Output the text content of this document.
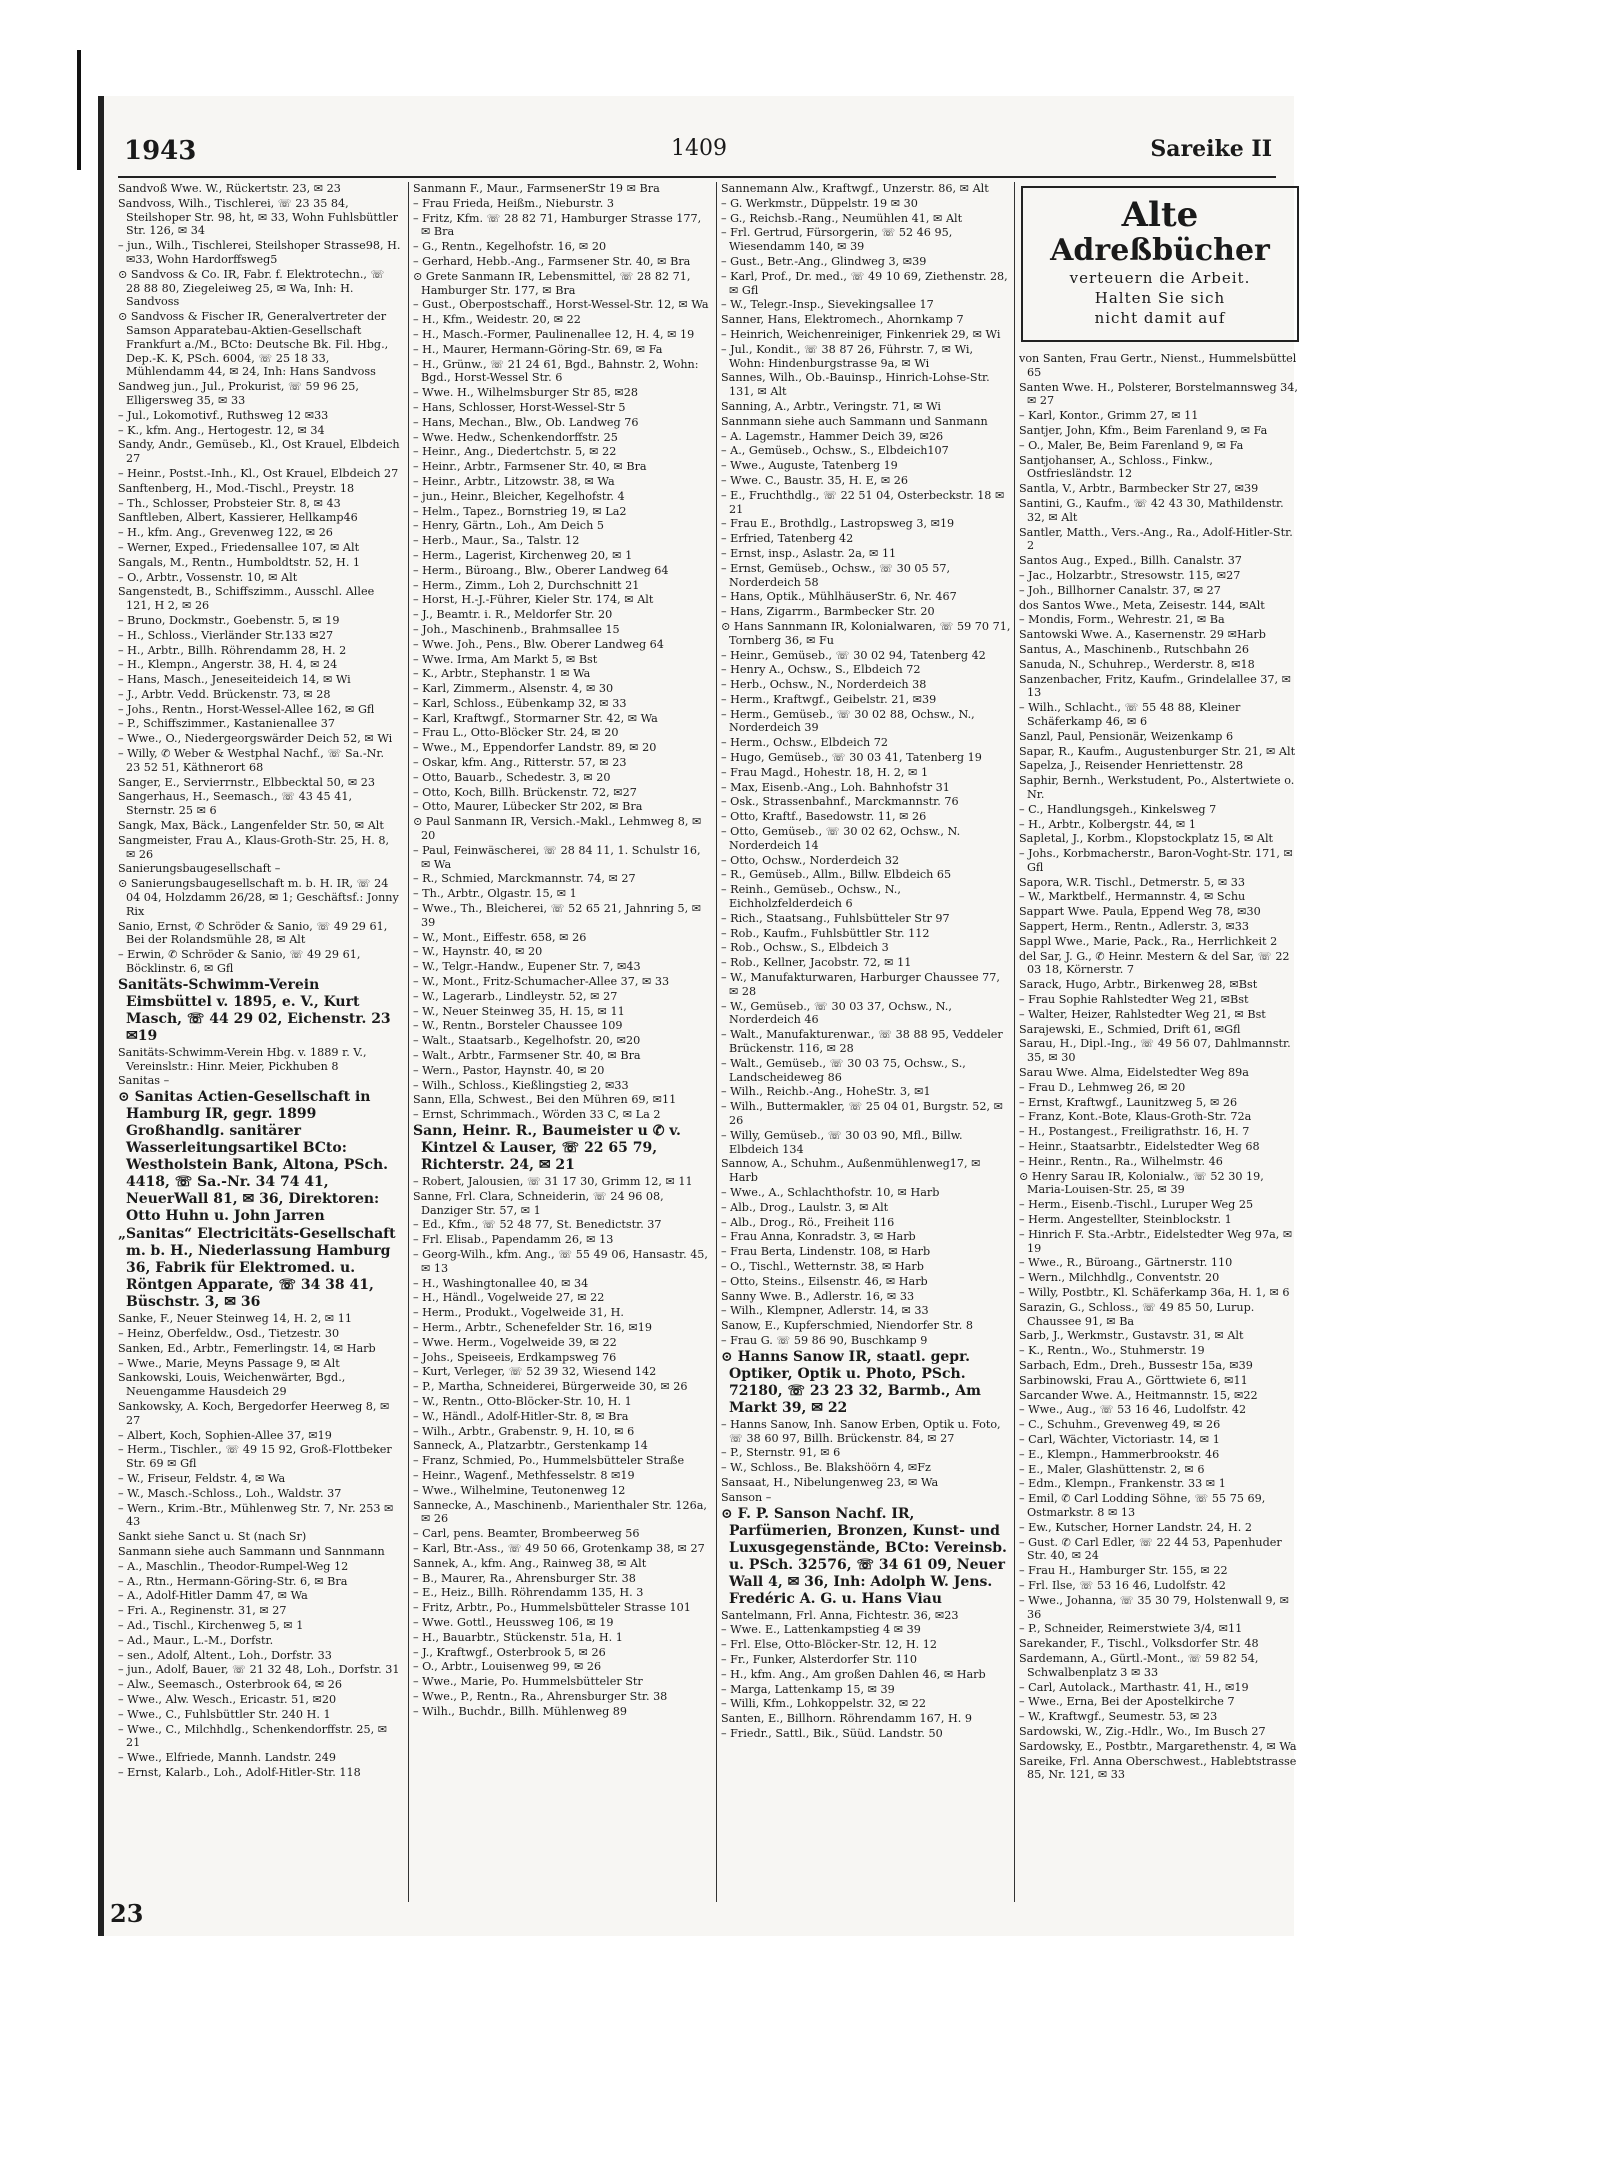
1943	1409	Sareike II
Sandvoß Wwe. W., Rückertstr. 23, ✉ 23
Sandvoss, Wilh., Tischlerei, ☏ 23 35 84, Steilshoper Str. 98, ht, ✉ 33, Wohn Fuhlsbüttler Str. 126, ✉ 34
– jun., Wilh., Tischlerei, Steilshoper Strasse98, H. ✉33, Wohn Hardorffsweg5
⊙ Sandvoss & Co. IR, Fabr. f. Elektrotechn., ☏ 28 88 80, Ziegeleiweg 25, ✉ Wa, Inh: H. Sandvoss
⊙ Sandvoss & Fischer IR, Generalvertreter der Samson Apparatebau-Aktien-Gesellschaft Frankfurt a./M., BCto: Deutsche Bk. Fil. Hbg., Dep.-K. K, PSch. 6004, ☏ 25 18 33, Mühlendamm 44, ✉ 24, Inh: Hans Sandvoss
Sandweg jun., Jul., Prokurist, ☏ 59 96 25, Elligersweg 35, ✉ 33
– Jul., Lokomotivf., Ruthsweg 12 ✉33
– K., kfm. Ang., Hertogestr. 12, ✉ 34
Sandy, Andr., Gemüseb., Kl., Ost Krauel, Elbdeich 27
– Heinr., Postst.-Inh., Kl., Ost Krauel, Elbdeich 27
Sanftenberg, H., Mod.-Tischl., Preystr. 18
– Th., Schlosser, Probsteier Str. 8, ✉ 43
Sanftleben, Albert, Kassierer, Hellkamp46
– H., kfm. Ang., Grevenweg 122, ✉ 26
– Werner, Exped., Friedensallee 107, ✉ Alt
Sangals, M., Rentn., Humboldtstr. 52, H. 1
– O., Arbtr., Vossenstr. 10, ✉ Alt
Sangenstedt, B., Schiffszimm., Ausschl. Allee 121, H 2, ✉ 26
– Bruno, Dockmstr., Goebenstr. 5, ✉ 19
– H., Schloss., Vierländer Str.133 ✉27
– H., Arbtr., Billh. Röhrendamm 28, H. 2
– H., Klempn., Angerstr. 38, H. 4, ✉ 24
– Hans, Masch., Jeneseiteideich 14, ✉ Wi
– J., Arbtr. Vedd. Brückenstr. 73, ✉ 28
– Johs., Rentn., Horst-Wessel-Allee 162, ✉ Gfl
– P., Schiffszimmer., Kastanienallee 37
– Wwe., O., Niedergeorgswärder Deich 52, ✉ Wi
– Willy, ✆ Weber & Westphal Nachf., ☏ Sa.-Nr. 23 52 51, Käthnerort 68
Sanger, E., Servierrnstr., Elbbecktal 50, ✉ 23
Sangerhaus, H., Seemasch., ☏ 43 45 41, Sternstr. 25 ✉ 6
Sangk, Max, Bäck., Langenfelder Str. 50, ✉ Alt
Sangmeister, Frau A., Klaus-Groth-Str. 25, H. 8, ✉ 26
Sanierungsbaugesellschaft –
⊙ Sanierungsbaugesellschaft m. b. H. IR, ☏ 24 04 04, Holzdamm 26/28, ✉ 1; Geschäftsf.: Jonny Rix
Sanio, Ernst, ✆ Schröder & Sanio, ☏ 49 29 61, Bei der Rolandsmühle 28, ✉ Alt
– Erwin, ✆ Schröder & Sanio, ☏ 49 29 61, Böcklinstr. 6, ✉ Gfl
Sanitäts-Schwimm-Verein Eimsbüttel v. 1895, e. V., Kurt Masch, ☏ 44 29 02, Eichenstr. 23 ✉19
Sanitäts-Schwimm-Verein Hbg. v. 1889 r. V., Vereinslstr.: Hinr. Meier, Pickhuben 8
Sanitas –
⊙ Sanitas Actien-Gesellschaft in Hamburg IR, gegr. 1899 Großhandlg. sanitärer Wasserleitungsartikel BCto: Westholstein Bank, Altona, PSch. 4418, ☏ Sa.-Nr. 34 74 41, NeuerWall 81, ✉ 36, Direktoren: Otto Huhn u. John Jarren
„Sanitas“ Electricitäts-Gesellschaft m. b. H., Niederlassung Hamburg 36, Fabrik für Elektromed. u. Röntgen Apparate, ☏ 34 38 41, Büschstr. 3, ✉ 36
Sanke, F., Neuer Steinweg 14, H. 2, ✉ 11
– Heinz, Oberfeldw., Osd., Tietzestr. 30
Sanken, Ed., Arbtr., Femerlingstr. 14, ✉ Harb
– Wwe., Marie, Meyns Passage 9, ✉ Alt
Sankowski, Louis, Weichenwärter, Bgd., Neuengamme Hausdeich 29
Sankowsky, A. Koch, Bergedorfer Heerweg 8, ✉ 27
– Albert, Koch, Sophien-Allee 37, ✉19
– Herm., Tischler., ☏ 49 15 92, Groß-Flottbeker Str. 69 ✉ Gfl
– W., Friseur, Feldstr. 4, ✉ Wa
– W., Masch.-Schloss., Loh., Waldstr. 37
– Wern., Krim.-Btr., Mühlenweg Str. 7, Nr. 253 ✉ 43
Sankt siehe Sanct u. St (nach Sr)
Sanmann siehe auch Sammann und Sannmann
– A., Maschlin., Theodor-Rumpel-Weg 12
– A., Rtn., Hermann-Göring-Str. 6, ✉ Bra
– A., Adolf-Hitler Damm 47, ✉ Wa
– Fri. A., Reginenstr. 31, ✉ 27
– Ad., Tischl., Kirchenweg 5, ✉ 1
– Ad., Maur., L.-M., Dorfstr.
– sen., Adolf, Altent., Loh., Dorfstr. 33
– jun., Adolf, Bauer, ☏ 21 32 48, Loh., Dorfstr. 31
– Alw., Seemasch., Osterbrook 64, ✉ 26
– Wwe., Alw. Wesch., Ericastr. 51, ✉20
– Wwe., C., Fuhlsbüttler Str. 240 H. 1
– Wwe., C., Milchhdlg., Schenkendorffstr. 25, ✉ 21
– Wwe., Elfriede, Mannh. Landstr. 249
– Ernst, Kalarb., Loh., Adolf-Hitler-Str. 118
Sanmann F., Maur., FarmsenerStr 19 ✉ Bra
– Frau Frieda, Heißm., Nieburstr. 3
– Fritz, Kfm. ☏ 28 82 71, Hamburger Strasse 177, ✉ Bra
– G., Rentn., Kegelhofstr. 16, ✉ 20
– Gerhard, Hebb.-Ang., Farmsener Str. 40, ✉ Bra
⊙ Grete Sanmann IR, Lebensmittel, ☏ 28 82 71, Hamburger Str. 177, ✉ Bra
– Gust., Oberpostschaff., Horst-Wessel-Str. 12, ✉ Wa
– H., Kfm., Weidestr. 20, ✉ 22
– H., Masch.-Former, Paulinenallee 12, H. 4, ✉ 19
– H., Maurer, Hermann-Göring-Str. 69, ✉ Fa
– H., Grünw., ☏ 21 24 61, Bgd., Bahnstr. 2, Wohn: Bgd., Horst-Wessel Str. 6
– Wwe. H., Wilhelmsburger Str 85, ✉28
– Hans, Schlosser, Horst-Wessel-Str 5
– Hans, Mechan., Blw., Ob. Landweg 76
– Wwe. Hedw., Schenkendorffstr. 25
– Heinr., Ang., Diedertchstr. 5, ✉ 22
– Heinr., Arbtr., Farmsener Str. 40, ✉ Bra
– Heinr., Arbtr., Litzowstr. 38, ✉ Wa
– jun., Heinr., Bleicher, Kegelhofstr. 4
– Helm., Tapez., Bornstrieg 19, ✉ La2
– Henry, Gärtn., Loh., Am Deich 5
– Herb., Maur., Sa., Talstr. 12
– Herm., Lagerist, Kirchenweg 20, ✉ 1
– Herm., Büroang., Blw., Oberer Landweg 64
– Herm., Zimm., Loh 2, Durchschnitt 21
– Horst, H.-J.-Führer, Kieler Str. 174, ✉ Alt
– J., Beamtr. i. R., Meldorfer Str. 20
– Joh., Maschinenb., Brahmsallee 15
– Wwe. Joh., Pens., Blw. Oberer Landweg 64
– Wwe. Irma, Am Markt 5, ✉ Bst
– K., Arbtr., Stephanstr. 1 ✉ Wa
– Karl, Zimmerm., Alsenstr. 4, ✉ 30
– Karl, Schloss., Eübenkamp 32, ✉ 33
– Karl, Kraftwgf., Stormarner Str. 42, ✉ Wa
– Frau L., Otto-Blöcker Str. 24, ✉ 20
– Wwe., M., Eppendorfer Landstr. 89, ✉ 20
– Oskar, kfm. Ang., Ritterstr. 57, ✉ 23
– Otto, Bauarb., Schedestr. 3, ✉ 20
– Otto, Koch, Billh. Brückenstr. 72, ✉27
– Otto, Maurer, Lübecker Str 202, ✉ Bra
⊙ Paul Sanmann IR, Versich.-Makl., Lehmweg 8, ✉ 20
– Paul, Feinwäscherei, ☏ 28 84 11, 1. Schulstr 16, ✉ Wa
– R., Schmied, Marckmannstr. 74, ✉ 27
– Th., Arbtr., Olgastr. 15, ✉ 1
– Wwe., Th., Bleicherei, ☏ 52 65 21, Jahnring 5, ✉ 39
– W., Mont., Eiffestr. 658, ✉ 26
– W., Haynstr. 40, ✉ 20
– W., Telgr.-Handw., Eupener Str. 7, ✉43
– W., Mont., Fritz-Schumacher-Allee 37, ✉ 33
– W., Lagerarb., Lindleystr. 52, ✉ 27
– W., Neuer Steinweg 35, H. 15, ✉ 11
– W., Rentn., Borsteler Chaussee 109
– Walt., Staatsarb., Kegelhofstr. 20, ✉20
– Walt., Arbtr., Farmsener Str. 40, ✉ Bra
– Wern., Pastor, Haynstr. 40, ✉ 20
– Wilh., Schloss., Kießlingstieg 2, ✉33
Sann, Ella, Schwest., Bei den Mühren 69, ✉11
– Ernst, Schrimmach., Wörden 33 C, ✉ La 2
Sann, Heinr. R., Baumeister u ✆ v. Kintzel & Lauser, ☏ 22 65 79, Richterstr. 24, ✉ 21
– Robert, Jalousien, ☏ 31 17 30, Grimm 12, ✉ 11
Sanne, Frl. Clara, Schneiderin, ☏ 24 96 08, Danziger Str. 57, ✉ 1
– Ed., Kfm., ☏ 52 48 77, St. Benedictstr. 37
– Frl. Elisab., Papendamm 26, ✉ 13
– Georg-Wilh., kfm. Ang., ☏ 55 49 06, Hansastr. 45, ✉ 13
– H., Washingtonallee 40, ✉ 34
– H., Händl., Vogelweide 27, ✉ 22
– Herm., Produkt., Vogelweide 31, H.
– Herm., Arbtr., Schenefelder Str. 16, ✉19
– Wwe. Herm., Vogelweide 39, ✉ 22
– Johs., Speiseeis, Erdkampsweg 76
– Kurt, Verleger, ☏ 52 39 32, Wiesend 142
– P., Martha, Schneiderei, Bürgerweide 30, ✉ 26
– W., Rentn., Otto-Blöcker-Str. 10, H. 1
– W., Händl., Adolf-Hitler-Str. 8, ✉ Bra
– Wilh., Arbtr., Grabenstr. 9, H. 10, ✉ 6
Sanneck, A., Platzarbtr., Gerstenkamp 14
– Franz, Schmied, Po., Hummelsbütteler Straße
– Heinr., Wagenf., Methfesselstr. 8 ✉19
– Wwe., Wilhelmine, Teutonenweg 12
Sannecke, A., Maschinenb., Marienthaler Str. 126a, ✉ 26
– Carl, pens. Beamter, Brombeerweg 56
– Karl, Btr.-Ass., ☏ 49 50 66, Grotenkamp 38, ✉ 27
Sannek, A., kfm. Ang., Rainweg 38, ✉ Alt
– B., Maurer, Ra., Ahrensburger Str. 38
– E., Heiz., Billh. Röhrendamm 135, H. 3
– Fritz, Arbtr., Po., Hummelsbütteler Strasse 101
– Wwe. Gottl., Heussweg 106, ✉ 19
– H., Bauarbtr., Stückenstr. 51a, H. 1
– J., Kraftwgf., Osterbrook 5, ✉ 26
– O., Arbtr., Louisenweg 99, ✉ 26
– Wwe., Marie, Po. Hummelsbütteler Str
– Wwe., P., Rentn., Ra., Ahrensburger Str. 38
– Wilh., Buchdr., Billh. Mühlenweg 89
Sannemann Alw., Kraftwgf., Unzerstr. 86, ✉ Alt
– G. Werkmstr., Düppelstr. 19 ✉ 30
– G., Reichsb.-Rang., Neumühlen 41, ✉ Alt
– Frl. Gertrud, Fürsorgerin, ☏ 52 46 95, Wiesendamm 140, ✉ 39
– Gust., Betr.-Ang., Glindweg 3, ✉39
– Karl, Prof., Dr. med., ☏ 49 10 69, Ziethenstr. 28, ✉ Gfl
– W., Telegr.-Insp., Sievekingsallee 17
Sanner, Hans, Elektromech., Ahornkamp 7
– Heinrich, Weichenreiniger, Finkenriek 29, ✉ Wi
– Jul., Kondit., ☏ 38 87 26, Führstr. 7, ✉ Wi, Wohn: Hindenburgstrasse 9a, ✉ Wi
Sannes, Wilh., Ob.-Bauinsp., Hinrich-Lohse-Str. 131, ✉ Alt
Sanning, A., Arbtr., Veringstr. 71, ✉ Wi
Sannmann siehe auch Sammann und Sanmann
– A. Lagemstr., Hammer Deich 39, ✉26
– A., Gemüseb., Ochsw., S., Elbdeich107
– Wwe., Auguste, Tatenberg 19
– Wwe. C., Baustr. 35, H. E, ✉ 26
– E., Fruchthdlg., ☏ 22 51 04, Osterbeckstr. 18 ✉ 21
– Frau E., Brothdlg., Lastropsweg 3, ✉19
– Erfried, Tatenberg 42
– Ernst, insp., Aslastr. 2a, ✉ 11
– Ernst, Gemüseb., Ochsw., ☏ 30 05 57, Norderdeich 58
– Hans, Optik., MühlhäuserStr. 6, Nr. 467
– Hans, Zigarrm., Barmbecker Str. 20
⊙ Hans Sannmann IR, Kolonialwaren, ☏ 59 70 71, Tornberg 36, ✉ Fu
– Heinr., Gemüseb., ☏ 30 02 94, Tatenberg 42
– Henry A., Ochsw., S., Elbdeich 72
– Herb., Ochsw., N., Norderdeich 38
– Herm., Kraftwgf., Geibelstr. 21, ✉39
– Herm., Gemüseb., ☏ 30 02 88, Ochsw., N., Norderdeich 39
– Herm., Ochsw., Elbdeich 72
– Hugo, Gemüseb., ☏ 30 03 41, Tatenberg 19
– Frau Magd., Hohestr. 18, H. 2, ✉ 1
– Max, Eisenb.-Ang., Loh. Bahnhofstr 31
– Osk., Strassenbahnf., Marckmannstr. 76
– Otto, Kraftf., Basedowstr. 11, ✉ 26
– Otto, Gemüseb., ☏ 30 02 62, Ochsw., N. Norderdeich 14
– Otto, Ochsw., Norderdeich 32
– R., Gemüseb., Allm., Billw. Elbdeich 65
– Reinh., Gemüseb., Ochsw., N., Eichholzfelderdeich 6
– Rich., Staatsang., Fuhlsbütteler Str 97
– Rob., Kaufm., Fuhlsbüttler Str. 112
– Rob., Ochsw., S., Elbdeich 3
– Rob., Kellner, Jacobstr. 72, ✉ 11
– W., Manufakturwaren, Harburger Chaussee 77, ✉ 28
– W., Gemüseb., ☏ 30 03 37, Ochsw., N., Norderdeich 46
– Walt., Manufakturenwar., ☏ 38 88 95, Veddeler Brückenstr. 116, ✉ 28
– Walt., Gemüseb., ☏ 30 03 75, Ochsw., S., Landscheideweg 86
– Wilh., Reichb.-Ang., HoheStr. 3, ✉1
– Wilh., Buttermakler, ☏ 25 04 01, Burgstr. 52, ✉ 26
– Willy, Gemüseb., ☏ 30 03 90, Mfl., Billw. Elbdeich 134
Sannow, A., Schuhm., Außenmühlenweg17, ✉ Harb
– Wwe., A., Schlachthofstr. 10, ✉ Harb
– Alb., Drog., Laulstr. 3, ✉ Alt
– Alb., Drog., Rö., Freiheit 116
– Frau Anna, Konradstr. 3, ✉ Harb
– Frau Berta, Lindenstr. 108, ✉ Harb
– O., Tischl., Wetternstr. 38, ✉ Harb
– Otto, Steins., Eilsenstr. 46, ✉ Harb
Sanny Wwe. B., Adlerstr. 16, ✉ 33
– Wilh., Klempner, Adlerstr. 14, ✉ 33
Sanow, E., Kupferschmied, Niendorfer Str. 8
– Frau G. ☏ 59 86 90, Buschkamp 9
⊙ Hanns Sanow IR, staatl. gepr. Optiker, Optik u. Photo, PSch. 72180, ☏ 23 23 32, Barmb., Am Markt 39, ✉ 22
– Hanns Sanow, Inh. Sanow Erben, Optik u. Foto, ☏ 38 60 97, Billh. Brückenstr. 84, ✉ 27
– P., Sternstr. 91, ✉ 6
– W., Schloss., Be. Blakshöörn 4, ✉Fz
Sansaat, H., Nibelungenweg 23, ✉ Wa
Sanson –
⊙ F. P. Sanson Nachf. IR, Parfümerien, Bronzen, Kunst- und Luxusgegenstände, BCto: Vereinsb. u. PSch. 32576, ☏ 34 61 09, Neuer Wall 4, ✉ 36, Inh: Adolph W. Jens. Fredéric A. G. u. Hans Viau
Santelmann, Frl. Anna, Fichtestr. 36, ✉23
– Wwe. E., Lattenkampstieg 4 ✉ 39
– Frl. Else, Otto-Blöcker-Str. 12, H. 12
– Fr., Funker, Alsterdorfer Str. 110
– H., kfm. Ang., Am großen Dahlen 46, ✉ Harb
– Marga, Lattenkamp 15, ✉ 39
– Willi, Kfm., Lohkoppelstr. 32, ✉ 22
Santen, E., Billhorn. Röhrendamm 167, H. 9
– Friedr., Sattl., Bik., Süüd. Landstr. 50
Alte
Adreßbücher
verteuern die Arbeit.
Halten Sie sich
nicht damit auf
von Santen, Frau Gertr., Nienst., Hummelsbüttel 65
Santen Wwe. H., Polsterer, Borstelmannsweg 34, ✉ 27
– Karl, Kontor., Grimm 27, ✉ 11
Santjer, John, Kfm., Beim Farenland 9, ✉ Fa
– O., Maler, Be, Beim Farenland 9, ✉ Fa
Santjohanser, A., Schloss., Finkw., Ostfriesländstr. 12
Santla, V., Arbtr., Barmbecker Str 27, ✉39
Santini, G., Kaufm., ☏ 42 43 30, Mathildenstr. 32, ✉ Alt
Santler, Matth., Vers.-Ang., Ra., Adolf-Hitler-Str. 2
Santos Aug., Exped., Billh. Canalstr. 37
– Jac., Holzarbtr., Stresowstr. 115, ✉27
– Joh., Billhorner Canalstr. 37, ✉ 27
dos Santos Wwe., Meta, Zeisestr. 144, ✉Alt
– Mondis, Form., Wehrestr. 21, ✉ Ba
Santowski Wwe. A., Kasernenstr. 29 ✉Harb
Santus, A., Maschinenb., Rutschbahn 26
Sanuda, N., Schuhrep., Werderstr. 8, ✉18
Sanzenbacher, Fritz, Kaufm., Grindelallee 37, ✉ 13
– Wilh., Schlacht., ☏ 55 48 88, Kleiner Schäferkamp 46, ✉ 6
Sanzl, Paul, Pensionär, Weizenkamp 6
Sapar, R., Kaufm., Augustenburger Str. 21, ✉ Alt
Sapelza, J., Reisender Henriettenstr. 28
Saphir, Bernh., Werkstudent, Po., Alstertwiete o. Nr.
– C., Handlungsgeh., Kinkelsweg 7
– H., Arbtr., Kolbergstr. 44, ✉ 1
Sapletal, J., Korbm., Klopstockplatz 15, ✉ Alt
– Johs., Korbmacherstr., Baron-Voght-Str. 171, ✉ Gfl
Sapora, W.R. Tischl., Detmerstr. 5, ✉ 33
– W., Marktbelf., Hermannstr. 4, ✉ Schu
Sappart Wwe. Paula, Eppend Weg 78, ✉30
Sappert, Herm., Rentn., Adlerstr. 3, ✉33
Sappl Wwe., Marie, Pack., Ra., Herrlichkeit 2
del Sar, J. G., ✆ Heinr. Mestern & del Sar, ☏ 22 03 18, Körnerstr. 7
Sarack, Hugo, Arbtr., Birkenweg 28, ✉Bst
– Frau Sophie Rahlstedter Weg 21, ✉Bst
– Walter, Heizer, Rahlstedter Weg 21, ✉ Bst
Sarajewski, E., Schmied, Drift 61, ✉Gfl
Sarau, H., Dipl.-Ing., ☏ 49 56 07, Dahlmannstr. 35, ✉ 30
Sarau Wwe. Alma, Eidelstedter Weg 89a
– Frau D., Lehmweg 26, ✉ 20
– Ernst, Kraftwgf., Launitzweg 5, ✉ 26
– Franz, Kont.-Bote, Klaus-Groth-Str. 72a
– H., Postangest., Freiligrathstr. 16, H. 7
– Heinr., Staatsarbtr., Eidelstedter Weg 68
– Heinr., Rentn., Ra., Wilhelmstr. 46
⊙ Henry Sarau IR, Kolonialw., ☏ 52 30 19, Maria-Louisen-Str. 25, ✉ 39
– Herm., Eisenb.-Tischl., Luruper Weg 25
– Herm. Angestellter, Steinblockstr. 1
– Hinrich F. Sta.-Arbtr., Eidelstedter Weg 97a, ✉ 19
– Wwe., R., Büroang., Gärtnerstr. 110
– Wern., Milchhdlg., Conventstr. 20
– Willy, Postbtr., Kl. Schäferkamp 36a, H. 1, ✉ 6
Sarazin, G., Schloss., ☏ 49 85 50, Lurup. Chaussee 91, ✉ Ba
Sarb, J., Werkmstr., Gustavstr. 31, ✉ Alt
– K., Rentn., Wo., Stuhmerstr. 19
Sarbach, Edm., Dreh., Bussestr 15a, ✉39
Sarbinowski, Frau A., Görttwiete 6, ✉11
Sarcander Wwe. A., Heitmannstr. 15, ✉22
– Wwe., Aug., ☏ 53 16 46, Ludolfstr. 42
– C., Schuhm., Grevenweg 49, ✉ 26
– Carl, Wächter, Victoriastr. 14, ✉ 1
– E., Klempn., Hammerbrookstr. 46
– E., Maler, Glashüttenstr. 2, ✉ 6
– Edm., Klempn., Frankenstr. 33 ✉ 1
– Emil, ✆ Carl Lodding Söhne, ☏ 55 75 69, Ostmarkstr. 8 ✉ 13
– Ew., Kutscher, Horner Landstr. 24, H. 2
– Gust. ✆ Carl Edler, ☏ 22 44 53, Papenhuder Str. 40, ✉ 24
– Frau H., Hamburger Str. 155, ✉ 22
– Frl. Ilse, ☏ 53 16 46, Ludolfstr. 42
– Wwe., Johanna, ☏ 35 30 79, Holstenwall 9, ✉ 36
– P., Schneider, Reimerstwiete 3/4, ✉11
Sarekander, F., Tischl., Volksdorfer Str. 48
Sardemann, A., Gürtl.-Mont., ☏ 59 82 54, Schwalbenplatz 3 ✉ 33
– Carl, Autolack., Marthastr. 41, H., ✉19
– Wwe., Erna, Bei der Apostelkirche 7
– W., Kraftwgf., Seumestr. 53, ✉ 23
Sardowski, W., Zig.-Hdlr., Wo., Im Busch 27
Sardowsky, E., Postbtr., Margarethenstr. 4, ✉ Wa
Sareike, Frl. Anna Oberschwest., Hablebtstrasse 85, Nr. 121, ✉ 33
23
